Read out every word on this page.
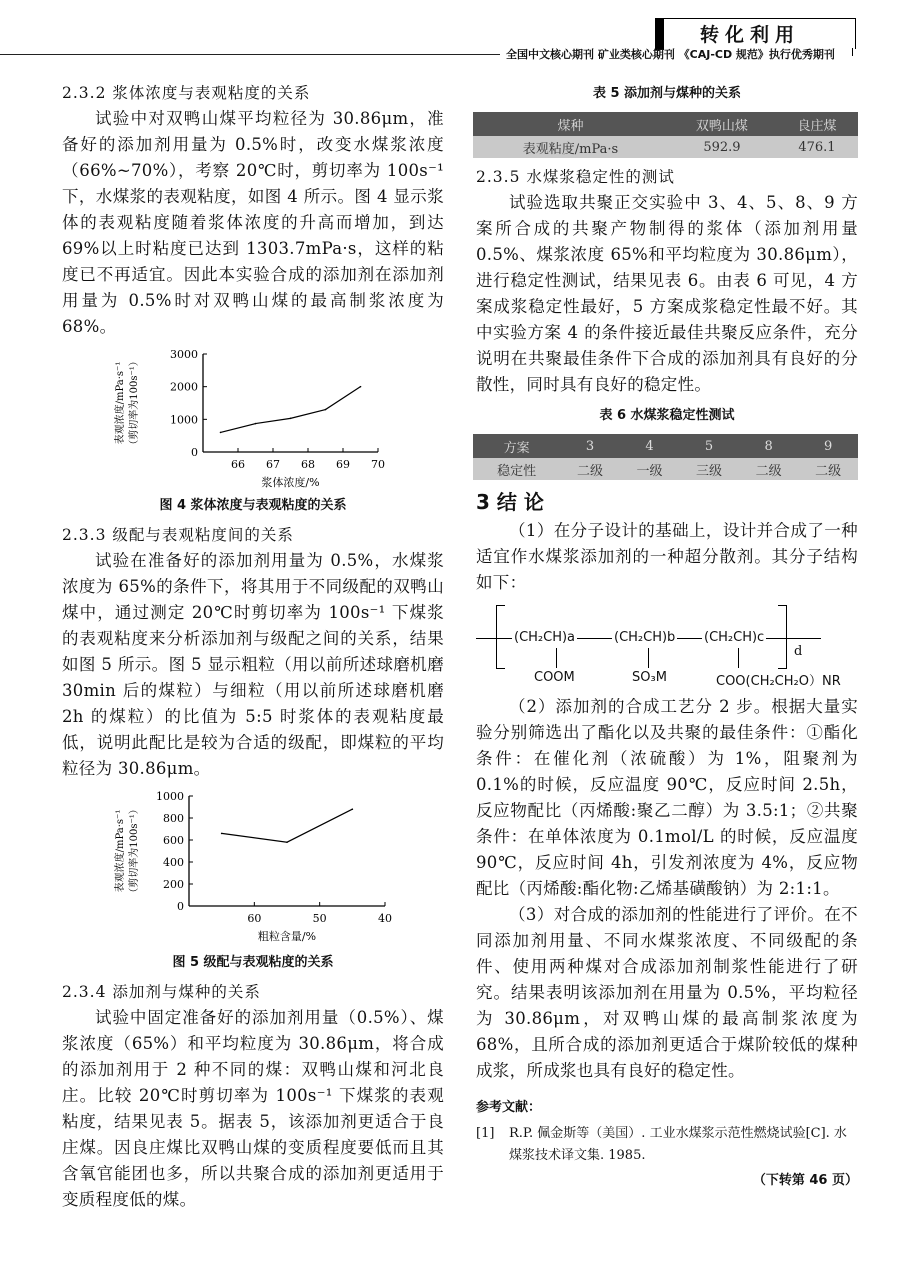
转化利用
全国中文核心期刊 矿业类核心期刊 《CAJ-CD 规范》执行优秀期刊
2.3.2 浆体浓度与表观粘度的关系

试验中对双鸭山煤平均粒径为 30.86μm，准备好的添加剂用量为 0.5%时，改变水煤浆浓度（66%~70%），考察 20℃时，剪切率为 100s⁻¹ 下，水煤浆的表观粘度，如图 4 所示。图 4 显示浆体的表观粘度随着浆体浓度的升高而增加，到达 69%以上时粘度已达到 1303.7mPa·s，这样的粘度已不再适宜。因此本实验合成的添加剂在添加剂用量为 0.5%时对双鸭山煤的最高制浆浓度为 68%。

0
1000
2000
3000
66 67 68 69 70
浆体浓度/%
表观浓度/mPa·s⁻¹ （剪切率为100s⁻¹）
图 4 浆体浓度与表观粘度的关系
2.3.3 级配与表观粘度间的关系

试验在准备好的添加剂用量为 0.5%，水煤浆浓度为 65%的条件下，将其用于不同级配的双鸭山煤中，通过测定 20℃时剪切率为 100s⁻¹ 下煤浆的表观粘度来分析添加剂与级配之间的关系，结果如图 5 所示。图 5 显示粗粒（用以前所述球磨机磨 30min 后的煤粒）与细粒（用以前所述球磨机磨 2h 的煤粒）的比值为 5:5 时浆体的表观粘度最低，说明此配比是较为合适的级配，即煤粒的平均粒径为 30.86μm。

0
200
400
600
800
1000
60	50	40
粗粒含量/%
表观浓度/mPa·s⁻¹ （剪切率为100s⁻¹）
图 5 级配与表观粘度的关系
2.3.4 添加剂与煤种的关系

试验中固定准备好的添加剂用量（0.5%）、煤浆浓度（65%）和平均粒度为 30.86μm，将合成的添加剂用于 2 种不同的煤：双鸭山煤和河北良庄。比较 20℃时剪切率为 100s⁻¹ 下煤浆的表观粘度，结果见表 5。据表 5，该添加剂更适合于良庄煤。因良庄煤比双鸭山煤的变质程度要低而且其含氧官能团也多，所以共聚合成的添加剂更适用于变质程度低的煤。

表 5 添加剂与煤种的关系
煤种	双鸭山煤	良庄煤
表观粘度/mPa·s	592.9	476.1
2.3.5 水煤浆稳定性的测试

试验选取共聚正交实验中 3、4、5、8、9 方案所合成的共聚产物制得的浆体（添加剂用量 0.5%、煤浆浓度 65%和平均粒度为 30.86μm），进行稳定性测试，结果见表 6。由表 6 可见，4 方案成浆稳定性最好，5 方案成浆稳定性最不好。其中实验方案 4 的条件接近最佳共聚反应条件，充分说明在共聚最佳条件下合成的添加剂具有良好的分散性，同时具有良好的稳定性。

表 6 水煤浆稳定性测试
方案	3	4	5	8	9
稳定性	二级	一级	三级	二级	二级
3 结 论

（1）在分子设计的基础上，设计并合成了一种适宜作水煤浆添加剂的一种超分散剂。其分子结构如下：

(CH₂CH)a	(CH₂CH)b (CH₂CH)c
d
COOM	SO₃M	COO(CH₂CH₂O）NR

（2）添加剂的合成工艺分 2 步。根据大量实验分别筛选出了酯化以及共聚的最佳条件：①酯化条件：在催化剂（浓硫酸）为 1%，阻聚剂为 0.1%的时候，反应温度 90℃，反应时间 2.5h，反应物配比（丙烯酸:聚乙二醇）为 3.5:1；②共聚条件：在单体浓度为 0.1mol/L 的时候，反应温度 90℃，反应时间 4h，引发剂浓度为 4%，反应物配比（丙烯酸:酯化物:乙烯基磺酸钠）为 2:1:1。

（3）对合成的添加剂的性能进行了评价。在不同添加剂用量、不同水煤浆浓度、不同级配的条件、使用两种煤对合成添加剂制浆性能进行了研究。结果表明该添加剂在用量为 0.5%，平均粒径为 30.86μm，对双鸭山煤的最高制浆浓度为 68%，且所合成的添加剂更适合于煤阶较低的煤种成浆，所成浆也具有良好的稳定性。

参考文献：
[1]	R.P. 佩金斯等（美国）. 工业水煤浆示范性燃烧试验[C]. 水煤浆技术译文集. 1985.
（下转第 46 页）
